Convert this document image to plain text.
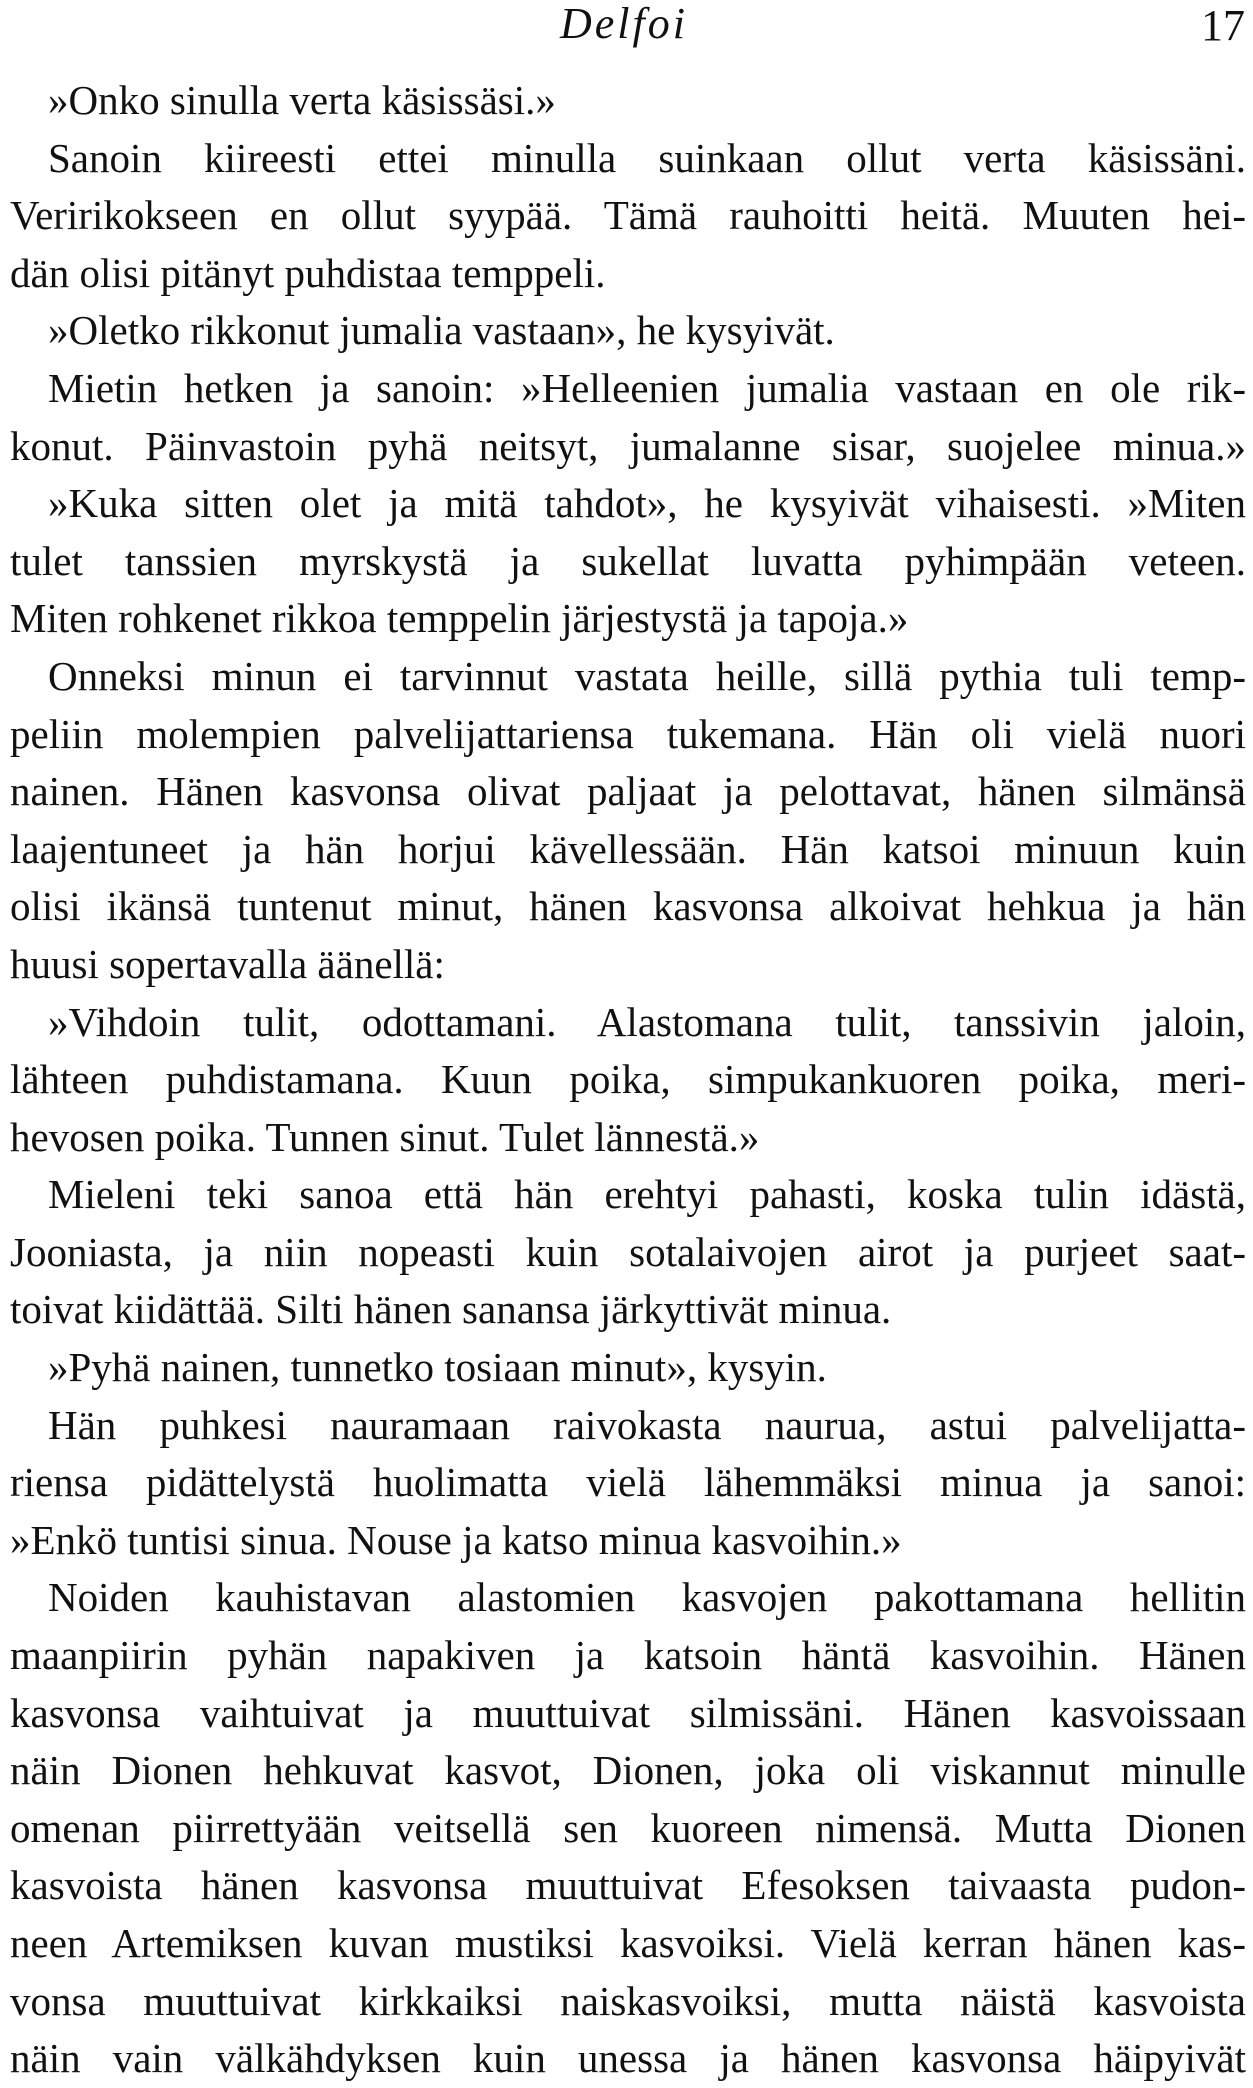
Delfoi	17
»Onko sinulla verta käsissäsi.»
Sanoin kiireesti ettei minulla suinkaan ollut verta käsissäni.
Veririkokseen en ollut syypää. Tämä rauhoitti heitä. Muuten hei-
dän olisi pitänyt puhdistaa temppeli.
»Oletko rikkonut jumalia vastaan», he kysyivät.
Mietin hetken ja sanoin: »Helleenien jumalia vastaan en ole rik-
konut. Päinvastoin pyhä neitsyt, jumalanne sisar, suojelee minua.»
»Kuka sitten olet ja mitä tahdot», he kysyivät vihaisesti. »Miten
tulet tanssien myrskystä ja sukellat luvatta pyhimpään veteen.
Miten rohkenet rikkoa temppelin järjestystä ja tapoja.»
Onneksi minun ei tarvinnut vastata heille, sillä pythia tuli temp-
peliin molempien palvelijattariensa tukemana. Hän oli vielä nuori
nainen. Hänen kasvonsa olivat paljaat ja pelottavat, hänen silmänsä
laajentuneet ja hän horjui kävellessään. Hän katsoi minuun kuin
olisi ikänsä tuntenut minut, hänen kasvonsa alkoivat hehkua ja hän
huusi sopertavalla äänellä:
»Vihdoin tulit, odottamani. Alastomana tulit, tanssivin jaloin,
lähteen puhdistamana. Kuun poika, simpukankuoren poika, meri-
hevosen poika. Tunnen sinut. Tulet lännestä.»
Mieleni teki sanoa että hän erehtyi pahasti, koska tulin idästä,
Jooniasta, ja niin nopeasti kuin sotalaivojen airot ja purjeet saat-
toivat kiidättää. Silti hänen sanansa järkyttivät minua.
»Pyhä nainen, tunnetko tosiaan minut», kysyin.
Hän puhkesi nauramaan raivokasta naurua, astui palvelijatta-
riensa pidättelystä huolimatta vielä lähemmäksi minua ja sanoi:
»Enkö tuntisi sinua. Nouse ja katso minua kasvoihin.»
Noiden kauhistavan alastomien kasvojen pakottamana hellitin
maanpiirin pyhän napakiven ja katsoin häntä kasvoihin. Hänen
kasvonsa vaihtuivat ja muuttuivat silmissäni. Hänen kasvoissaan
näin Dionen hehkuvat kasvot, Dionen, joka oli viskannut minulle
omenan piirrettyään veitsellä sen kuoreen nimensä. Mutta Dionen
kasvoista hänen kasvonsa muuttuivat Efesoksen taivaasta pudon-
neen Artemiksen kuvan mustiksi kasvoiksi. Vielä kerran hänen kas-
vonsa muuttuivat kirkkaiksi naiskasvoiksi, mutta näistä kasvoista
näin vain välkähdyksen kuin unessa ja hänen kasvonsa häipyivät
